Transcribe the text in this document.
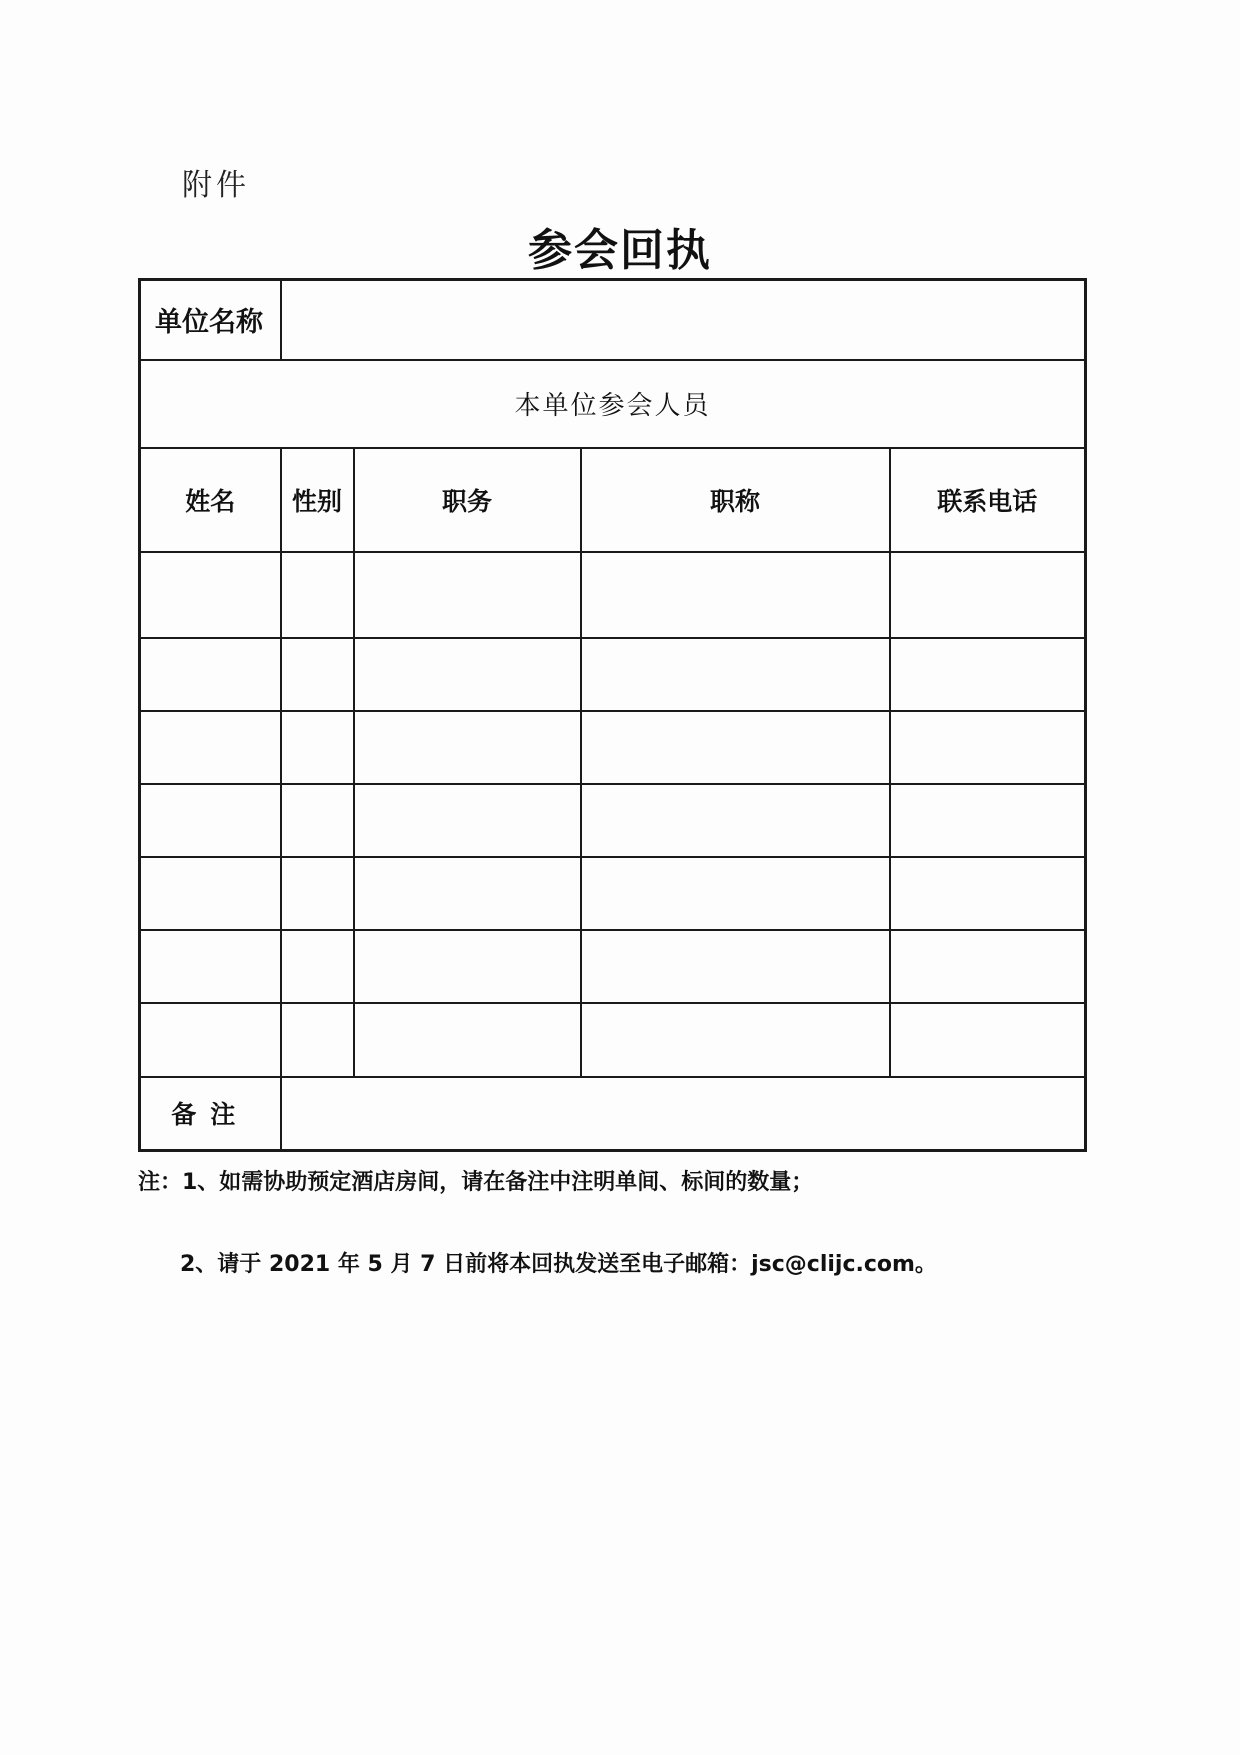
附件
参会回执
单位名称				
本单位参会人员				
姓名	性别	职务	职称	联系电话

备注				
注：1、如需协助预定酒店房间，请在备注中注明单间、标间的数量；
2、请于 2021 年 5 月 7 日前将本回执发送至电子邮箱：jsc@clijc.com。
